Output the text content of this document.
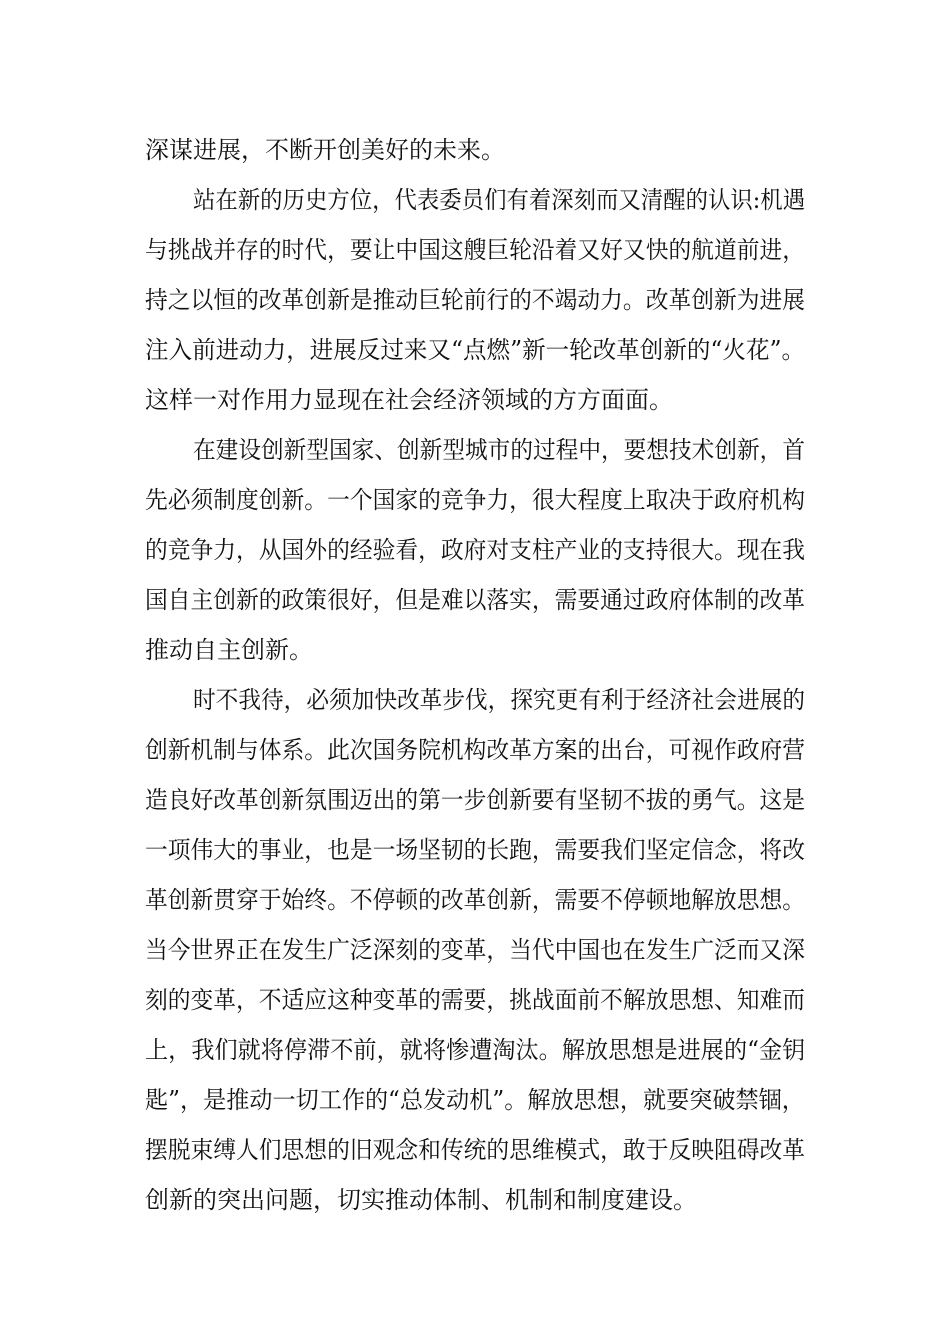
深谋进展，不断开创美好的未来。
站在新的历史方位，代表委员们有着深刻而又清醒的认识:机遇
与挑战并存的时代，要让中国这艘巨轮沿着又好又快的航道前进，
持之以恒的改革创新是推动巨轮前行的不竭动力。改革创新为进展
注入前进动力，进展反过来又“点燃”新一轮改革创新的“火花”。
这样一对作用力显现在社会经济领域的方方面面。
在建设创新型国家、创新型城市的过程中，要想技术创新，首
先必须制度创新。一个国家的竞争力，很大程度上取决于政府机构
的竞争力，从国外的经验看，政府对支柱产业的支持很大。现在我
国自主创新的政策很好，但是难以落实，需要通过政府体制的改革
推动自主创新。
时不我待，必须加快改革步伐，探究更有利于经济社会进展的
创新机制与体系。此次国务院机构改革方案的出台，可视作政府营
造良好改革创新氛围迈出的第一步创新要有坚韧不拔的勇气。这是
一项伟大的事业，也是一场坚韧的长跑，需要我们坚定信念，将改
革创新贯穿于始终。不停顿的改革创新，需要不停顿地解放思想。
当今世界正在发生广泛深刻的变革，当代中国也在发生广泛而又深
刻的变革，不适应这种变革的需要，挑战面前不解放思想、知难而
上，我们就将停滞不前，就将惨遭淘汰。解放思想是进展的“金钥
匙”，是推动一切工作的“总发动机”。解放思想，就要突破禁锢，
摆脱束缚人们思想的旧观念和传统的思维模式，敢于反映阻碍改革
创新的突出问题，切实推动体制、机制和制度建设。
